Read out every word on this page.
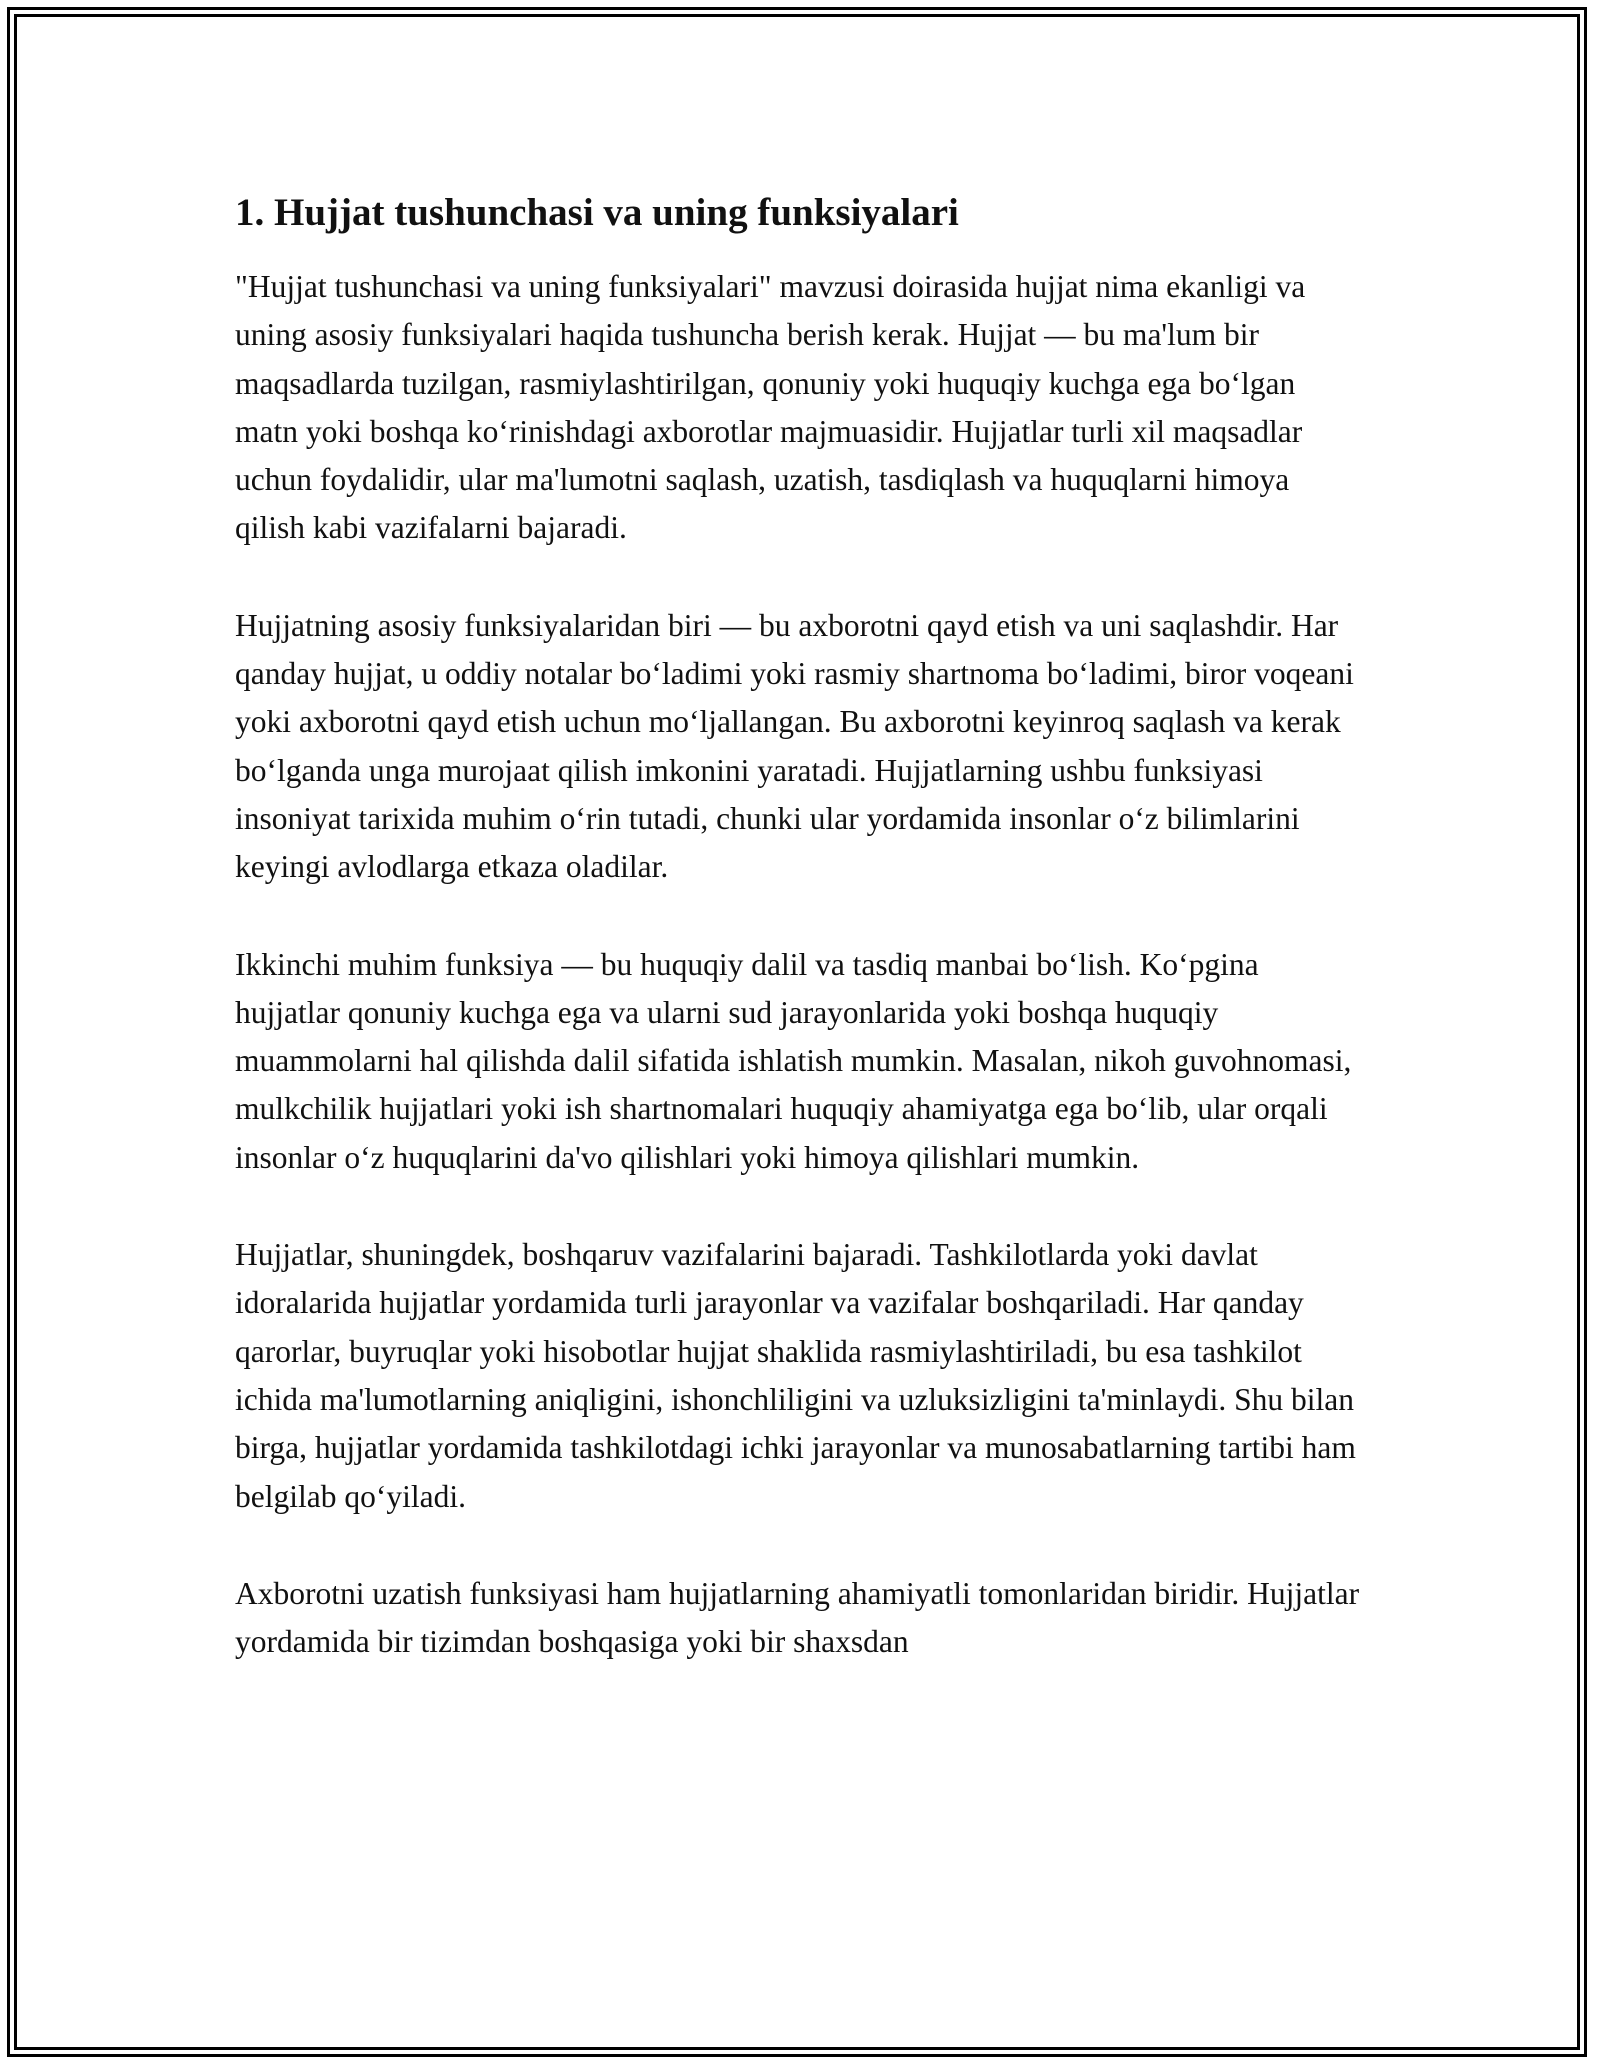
1. Hujjat tushunchasi va uning funksiyalari

"Hujjat tushunchasi va uning funksiyalari" mavzusi doirasida hujjat nima ekanligi va uning asosiy funksiyalari haqida tushuncha berish kerak. Hujjat — bu ma'lum bir maqsadlarda tuzilgan, rasmiylashtirilgan, qonuniy yoki huquqiy kuchga ega bo‘lgan matn yoki boshqa ko‘rinishdagi axborotlar majmuasidir. Hujjatlar turli xil maqsadlar uchun foydalidir, ular ma'lumotni saqlash, uzatish, tasdiqlash va huquqlarni himoya qilish kabi vazifalarni bajaradi.

Hujjatning asosiy funksiyalaridan biri — bu axborotni qayd etish va uni saqlashdir. Har qanday hujjat, u oddiy notalar bo‘ladimi yoki rasmiy shartnoma bo‘ladimi, biror voqeani yoki axborotni qayd etish uchun mo‘ljallangan. Bu axborotni keyinroq saqlash va kerak bo‘lganda unga murojaat qilish imkonini yaratadi. Hujjatlarning ushbu funksiyasi insoniyat tarixida muhim o‘rin tutadi, chunki ular yordamida insonlar o‘z bilimlarini keyingi avlodlarga etkaza oladilar.

Ikkinchi muhim funksiya — bu huquqiy dalil va tasdiq manbai bo‘lish. Ko‘pgina hujjatlar qonuniy kuchga ega va ularni sud jarayonlarida yoki boshqa huquqiy muammolarni hal qilishda dalil sifatida ishlatish mumkin. Masalan, nikoh guvohnomasi, mulkchilik hujjatlari yoki ish shartnomalari huquqiy ahamiyatga ega bo‘lib, ular orqali insonlar o‘z huquqlarini da'vo qilishlari yoki himoya qilishlari mumkin.

Hujjatlar, shuningdek, boshqaruv vazifalarini bajaradi. Tashkilotlarda yoki davlat idoralarida hujjatlar yordamida turli jarayonlar va vazifalar boshqariladi. Har qanday qarorlar, buyruqlar yoki hisobotlar hujjat shaklida rasmiylashtiriladi, bu esa tashkilot ichida ma'lumotlarning aniqligini, ishonchliligini va uzluksizligini ta'minlaydi. Shu bilan birga, hujjatlar yordamida tashkilotdagi ichki jarayonlar va munosabatlarning tartibi ham belgilab qo‘yiladi.

Axborotni uzatish funksiyasi ham hujjatlarning ahamiyatli tomonlaridan biridir. Hujjatlar yordamida bir tizimdan boshqasiga yoki bir shaxsdan
